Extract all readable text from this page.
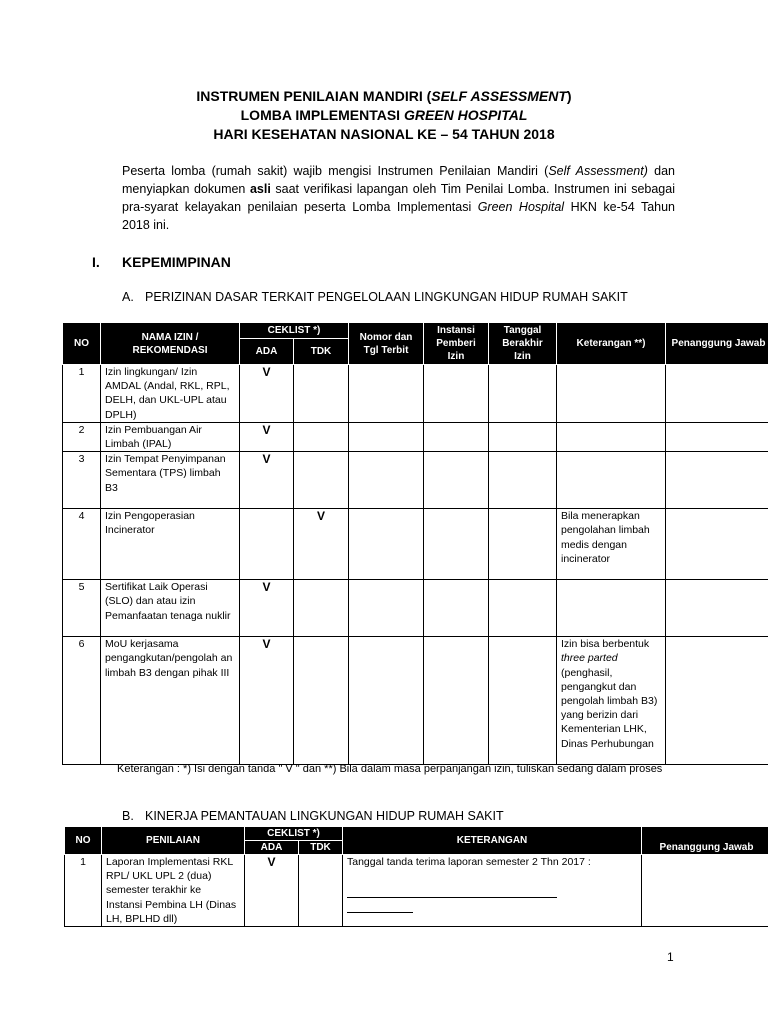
INSTRUMEN PENILAIAN MANDIRI (SELF ASSESSMENT)
LOMBA IMPLEMENTASI GREEN HOSPITAL
HARI KESEHATAN NASIONAL KE – 54 TAHUN 2018

Peserta lomba (rumah sakit) wajib mengisi Instrumen Penilaian Mandiri (Self Assessment) dan menyiapkan dokumen asli saat verifikasi lapangan oleh Tim Penilai Lomba. Instrumen ini sebagai pra-syarat kelayakan penilaian peserta Lomba Implementasi Green Hospital HKN ke-54 Tahun 2018 ini.

I. KEPEMIMPINAN
A. PERIZINAN DASAR TERKAIT PENGELOLAAN LINGKUNGAN HIDUP RUMAH SAKIT
NO	NAMA IZIN / REKOMENDASI	CEKLIST *)		Nomor dan Tgl Terbit	Instansi Pemberi Izin	Tanggal Berakhir Izin	Keterangan **)	Penanggung Jawab
		ADA	TDK					
1	Izin lingkungan/ Izin AMDAL (Andal, RKL, RPL, DELH, dan UKL-UPL atau DPLH)	V						
2	Izin Pembuangan Air Limbah (IPAL)	V						
3	Izin Tempat Penyimpanan Sementara (TPS) limbah B3	V						
4	Izin Pengoperasian Incinerator		V				Bila menerapkan pengolahan limbah medis dengan incinerator	
5	Sertifikat Laik Operasi (SLO) dan atau izin Pemanfaatan tenaga nuklir	V						
6	MoU kerjasama pengangkutan/pengolah an limbah B3 dengan pihak III	V					Izin bisa berbentuk three parted (penghasil, pengangkut dan pengolah limbah B3) yang berizin dari Kementerian LHK, Dinas Perhubungan	
Keterangan : *) Isi dengan tanda " V " dan **) Bila dalam masa perpanjangan izin, tuliskan sedang dalam proses
B. KINERJA PEMANTAUAN LINGKUNGAN HIDUP RUMAH SAKIT
NO	PENILAIAN	CEKLIST *)		KETERANGAN	Penanggung Jawab
		ADA	TDK		
1	Laporan Implementasi RKL RPL/ UKL UPL 2 (dua) semester terakhir ke Instansi Pembina LH (Dinas LH, BPLHD dll)	V		Tanggal tanda terima laporan semester 2 Thn 2017 :

1
